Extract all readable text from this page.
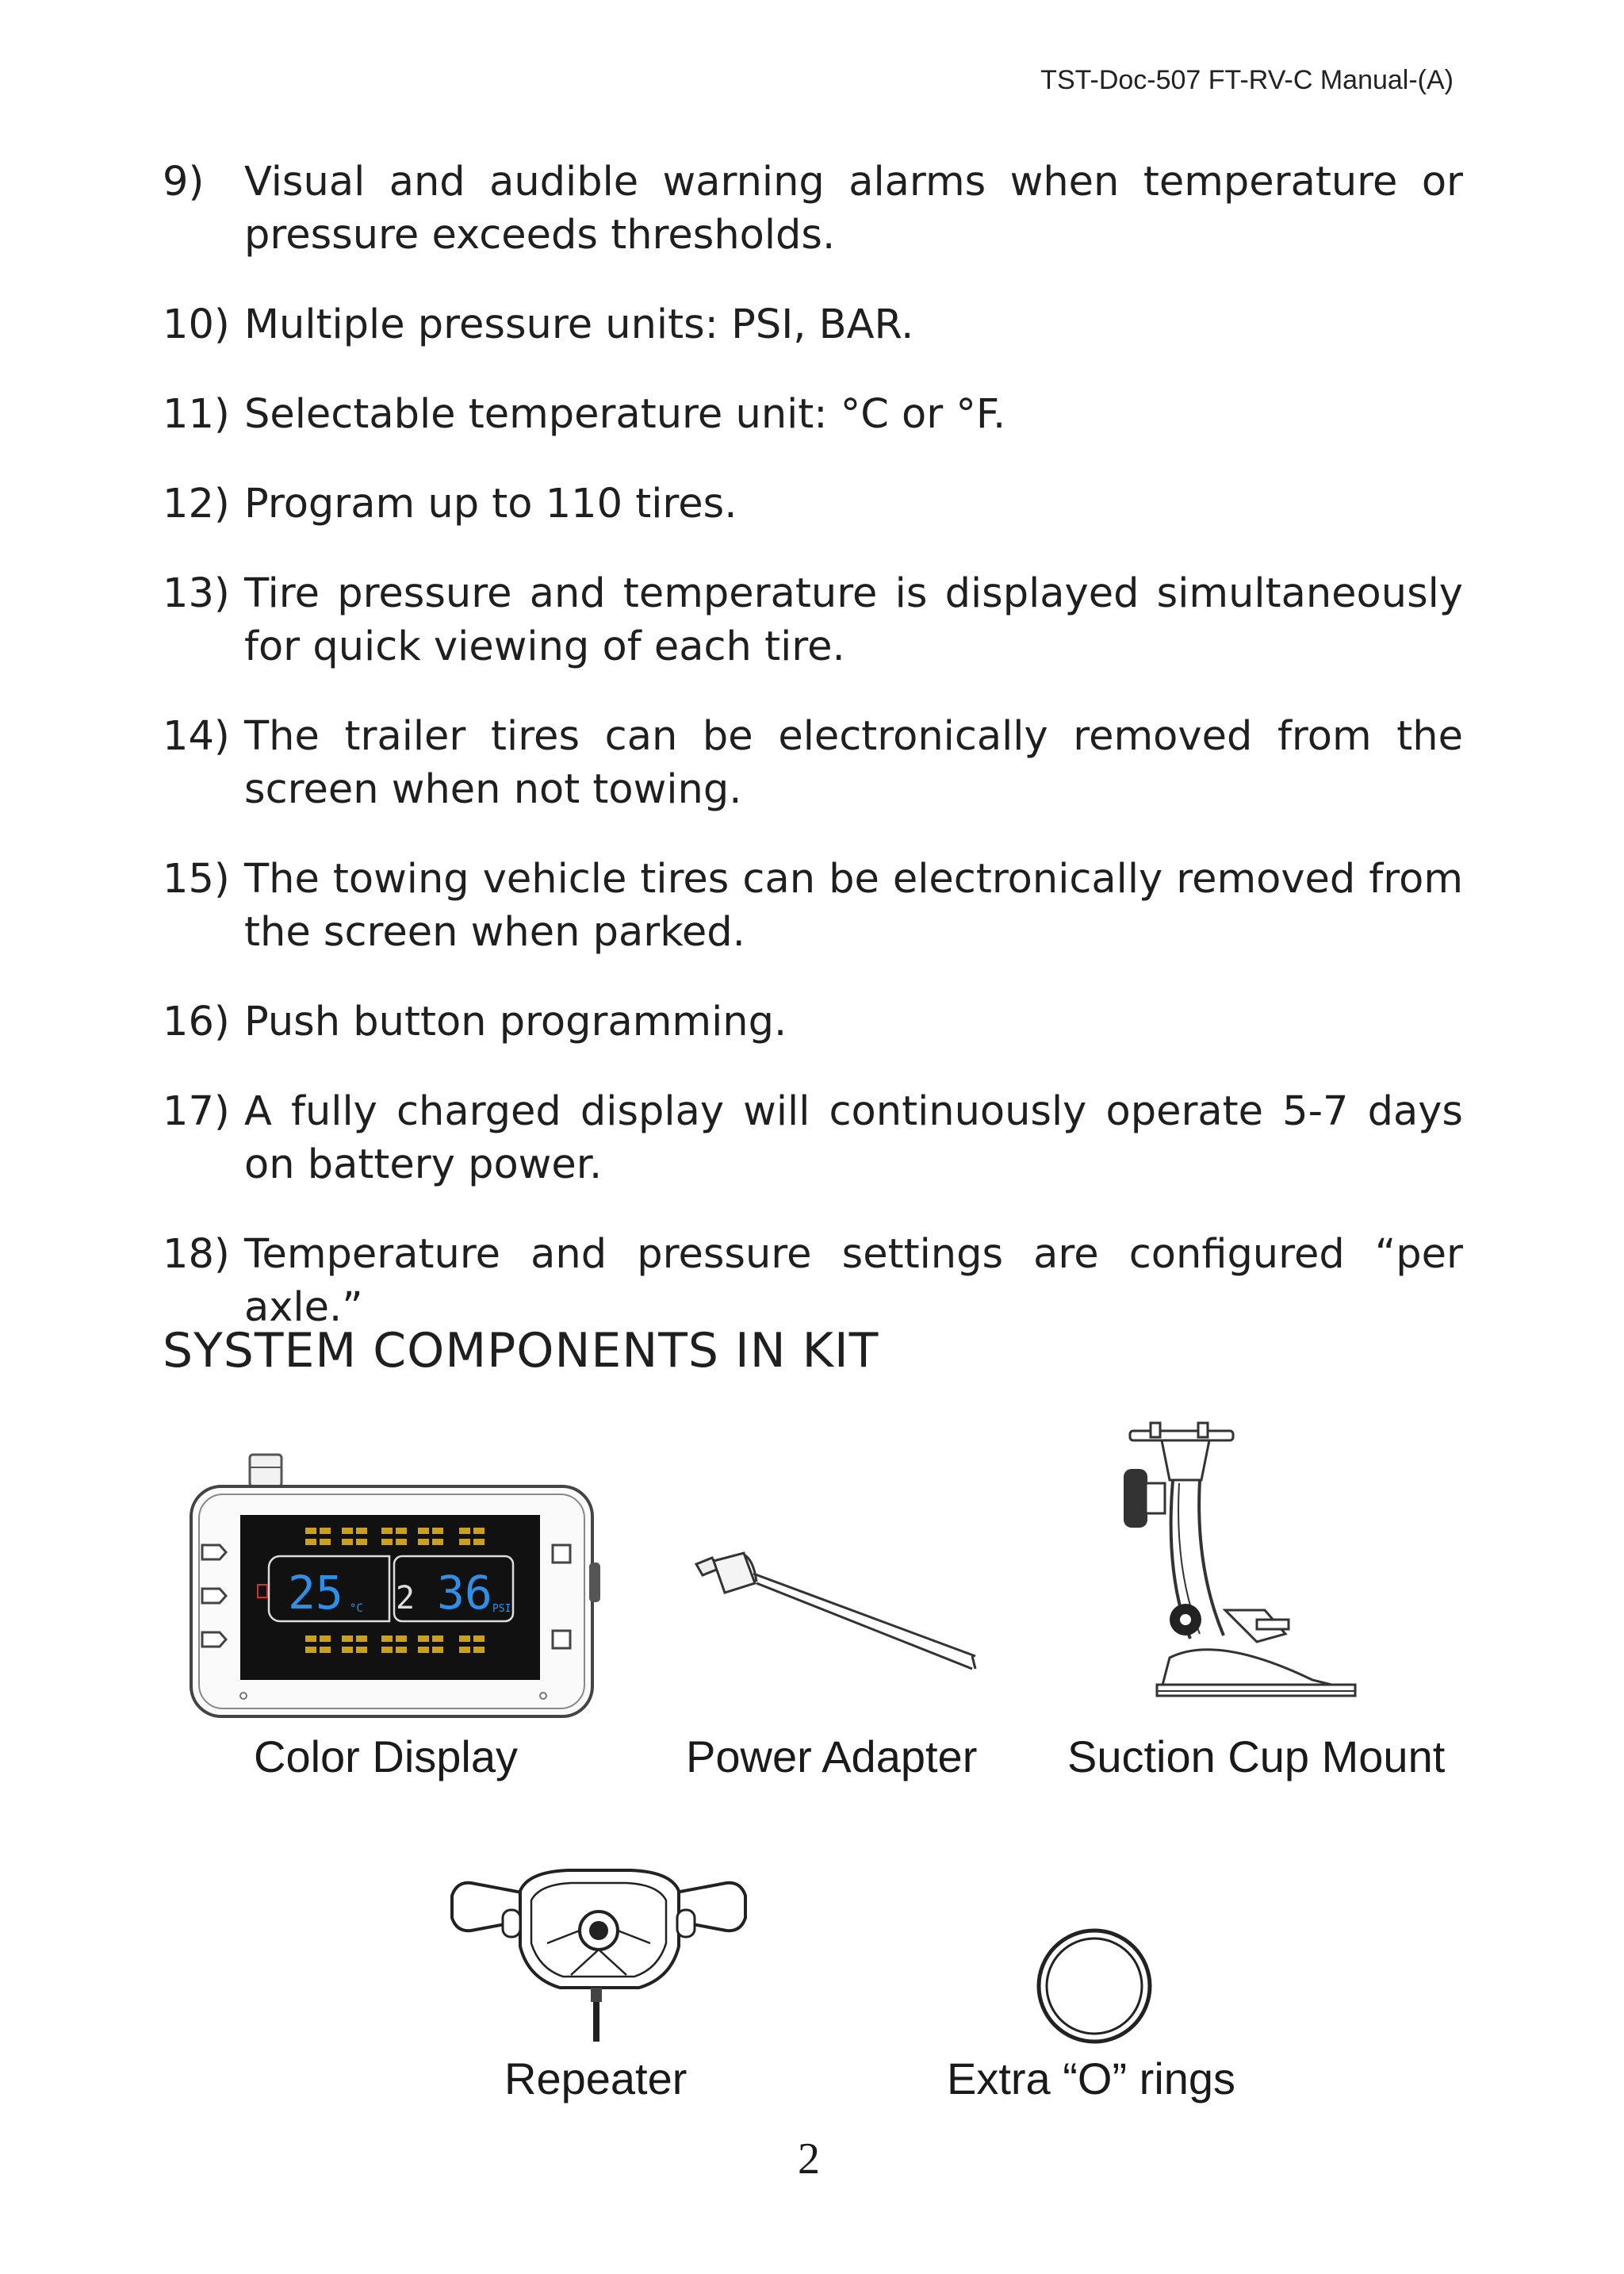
TST-Doc-507 FT-RV-C Manual-(A)
9) Visual and audible warning alarms when temperature or pressure exceeds thresholds.
10) Multiple pressure units: PSI, BAR.
11) Selectable temperature unit: °C or °F.
12) Program up to 110 tires.
13) Tire pressure and temperature is displayed simultaneously for quick viewing of each tire.
14) The trailer tires can be electronically removed from the screen when not towing.
15) The towing vehicle tires can be electronically removed from the screen when parked.
16) Push button programming.
17) A fully charged display will continuously operate 5-7 days on battery power.
18) Temperature and pressure settings are configured “per axle.”
SYSTEM COMPONENTS IN KIT
25 °C 2 36 PSI
Color Display	Power Adapter Suction Cup Mount
Repeater	Extra “O” rings
2
